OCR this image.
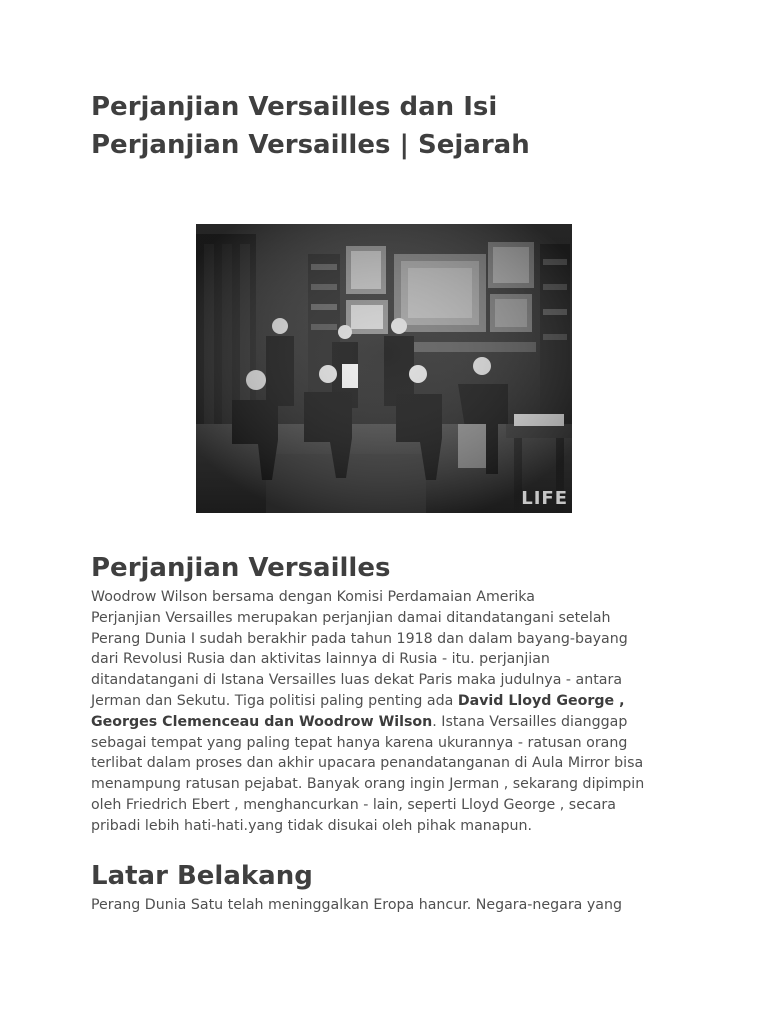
Perjanjian Versailles dan Isi
Perjanjian Versailles | Sejarah
LIFE
Perjanjian Versailles

Woodrow Wilson bersama dengan Komisi Perdamaian Amerika
Perjanjian Versailles merupakan perjanjian damai ditandatangani setelah
Perang Dunia I sudah berakhir pada tahun 1918 dan dalam bayang-bayang
dari Revolusi Rusia dan aktivitas lainnya di Rusia - itu. perjanjian
ditandatangani di Istana Versailles luas dekat Paris maka judulnya - antara
Jerman dan Sekutu. Tiga politisi paling penting ada David Lloyd George ,
Georges Clemenceau dan Woodrow Wilson. Istana Versailles dianggap
sebagai tempat yang paling tepat hanya karena ukurannya - ratusan orang
terlibat dalam proses dan akhir upacara penandatanganan di Aula Mirror bisa
menampung ratusan pejabat. Banyak orang ingin Jerman , sekarang dipimpin
oleh Friedrich Ebert , menghancurkan - lain, seperti Lloyd George , secara
pribadi lebih hati-hati.yang tidak disukai oleh pihak manapun.

Latar Belakang

Perang Dunia Satu telah meninggalkan Eropa hancur. Negara-negara yang
